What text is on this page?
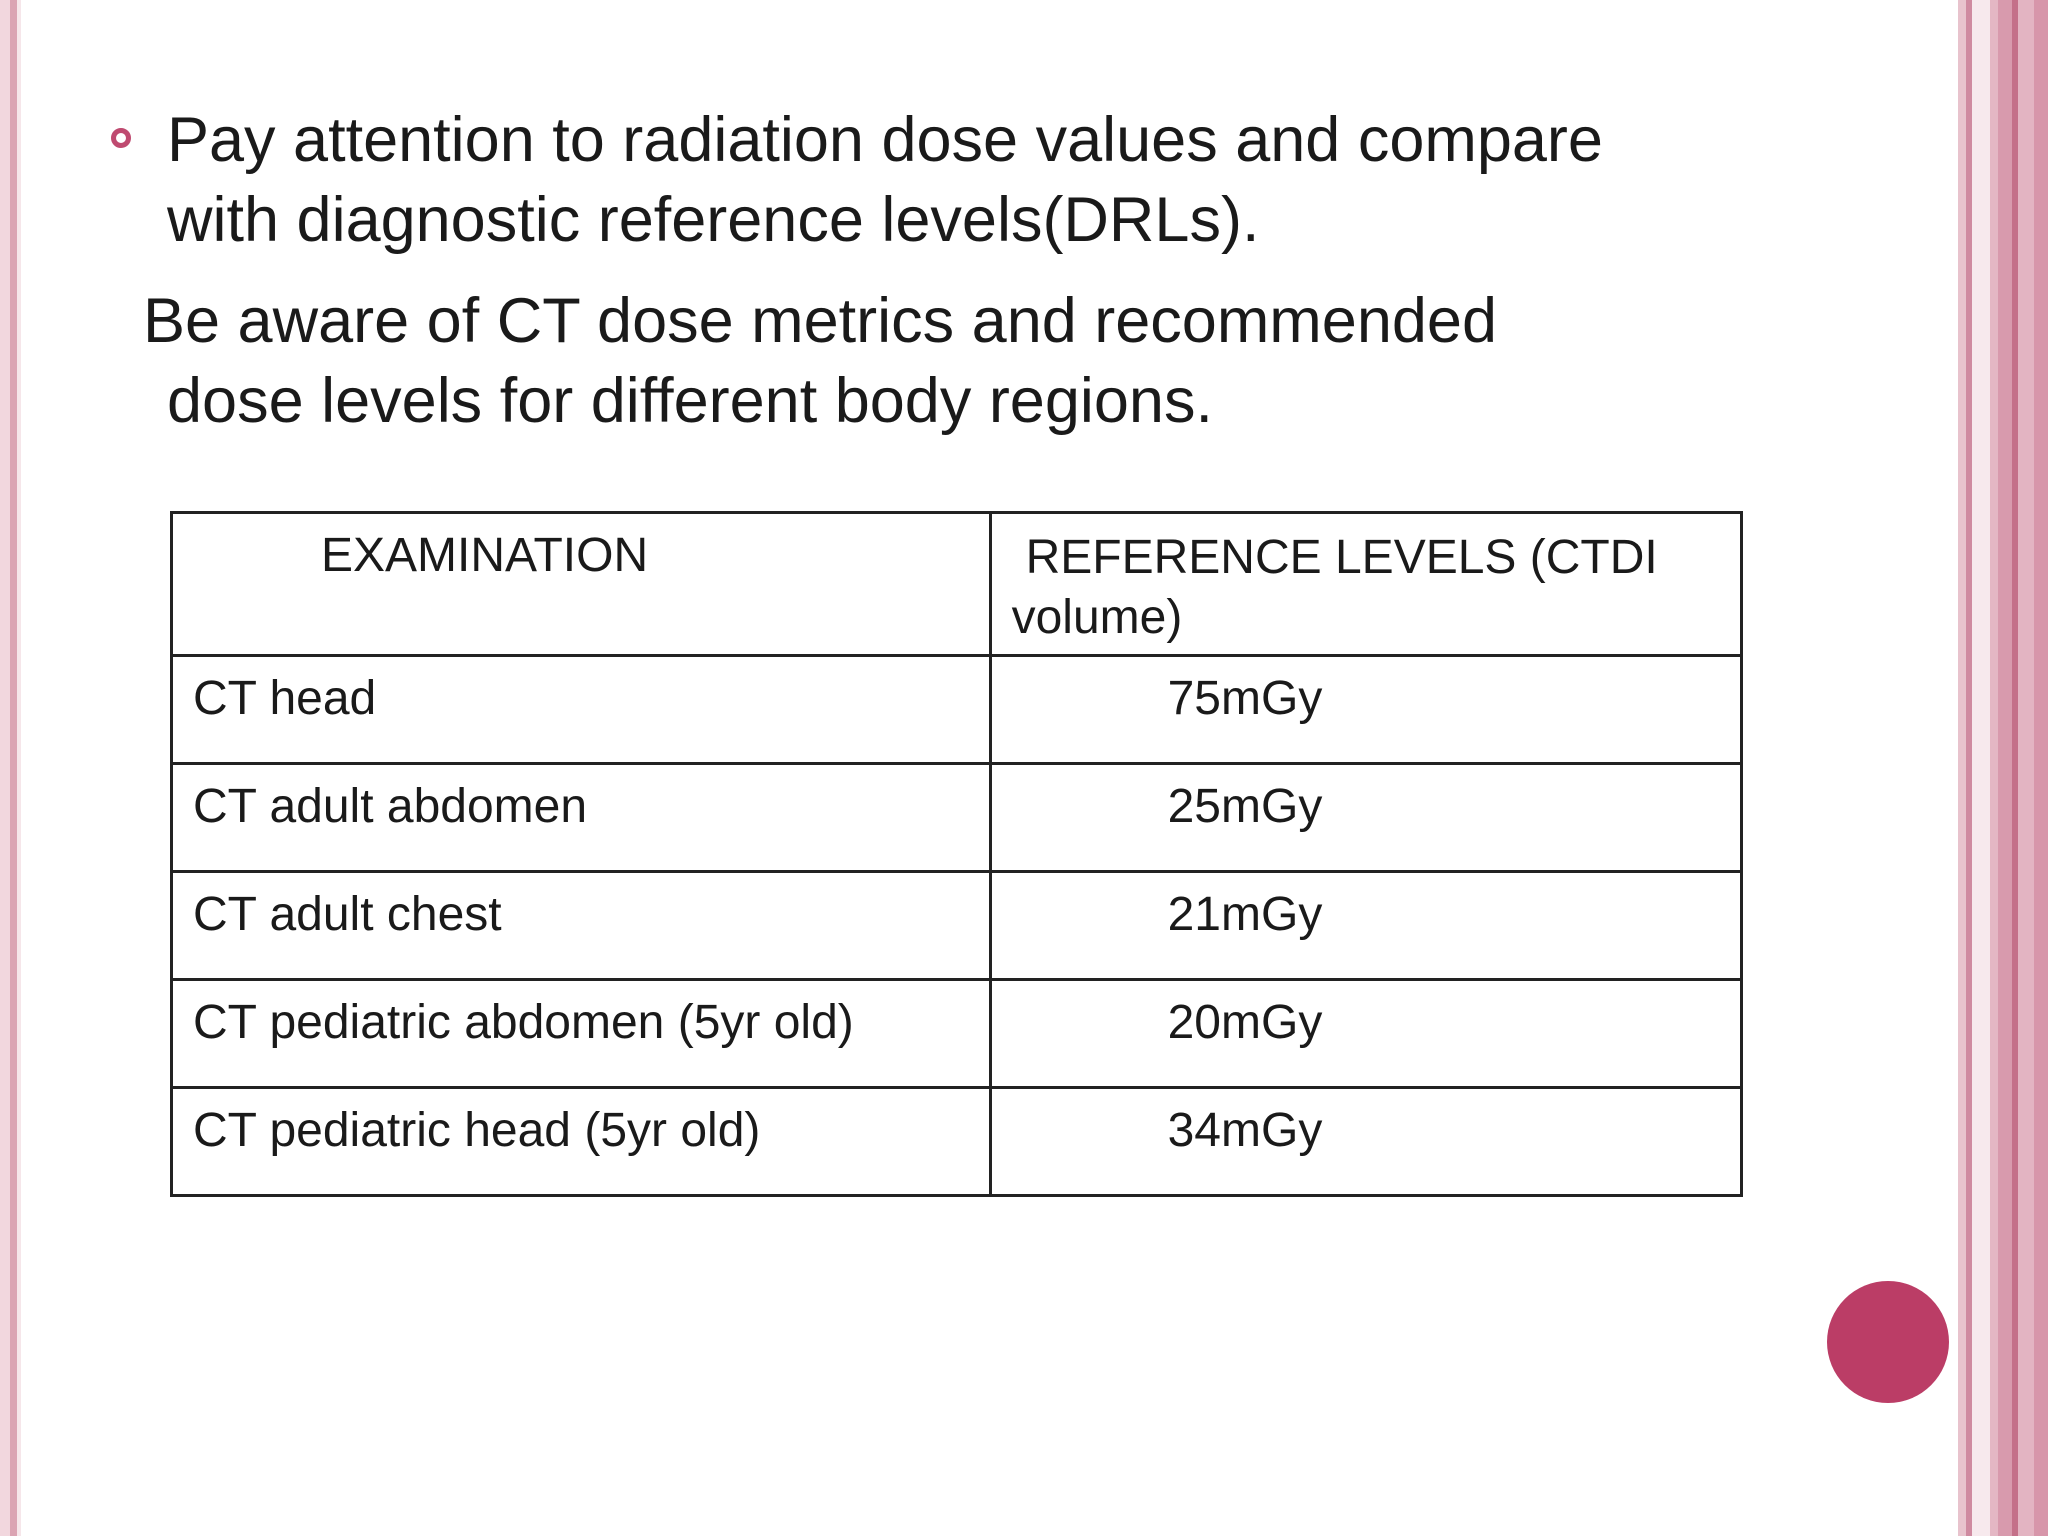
Pay attention to radiation dose values and compare
with diagnostic reference levels(DRLs).
Be aware of CT dose metrics and recommended
dose levels for different body regions.
EXAMINATION	REFERENCE LEVELS (CTDI volume)

CT head	75mGy

CT adult abdomen	25mGy

CT adult chest	21mGy

CT pediatric abdomen (5yr old)	20mGy

CT pediatric head (5yr old)	34mGy
